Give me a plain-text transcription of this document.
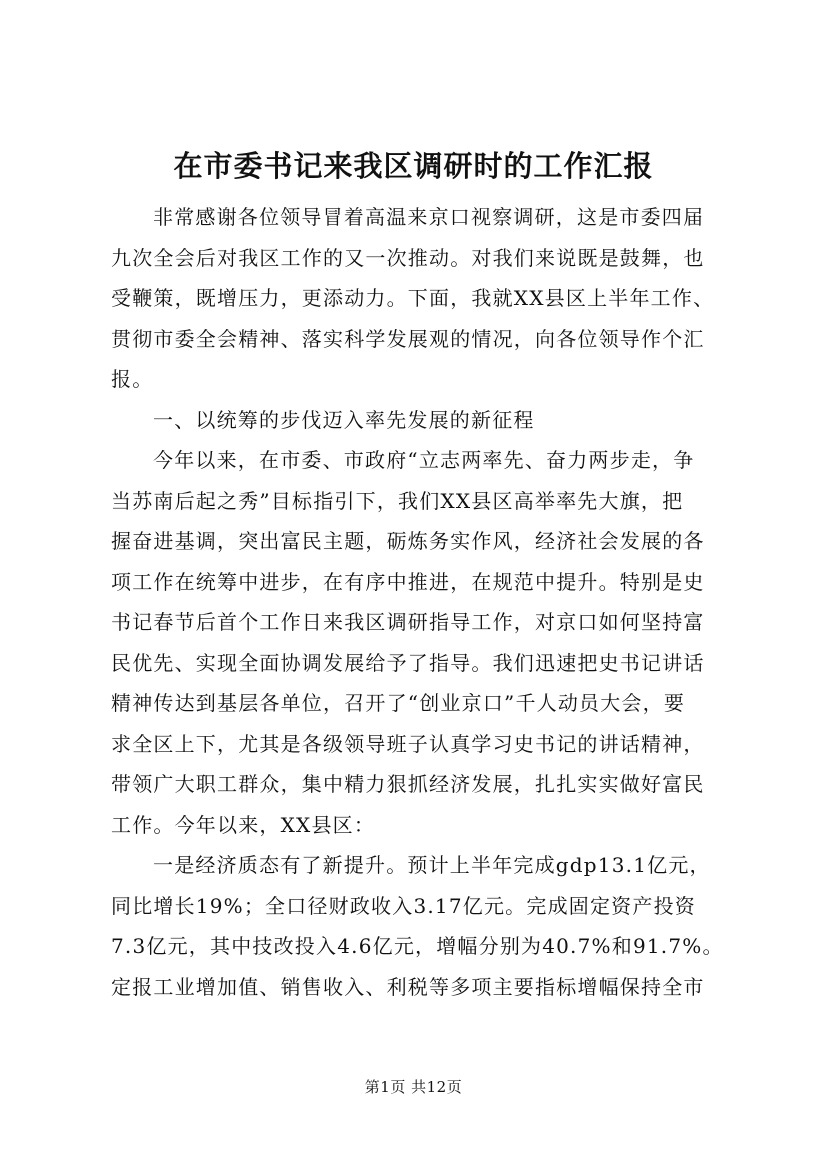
在市委书记来我区调研时的工作汇报
非常感谢各位领导冒着高温来京口视察调研，这是市委四届
九次全会后对我区工作的又一次推动。对我们来说既是鼓舞，也
受鞭策，既增压力，更添动力。下面，我就XX县区上半年工作、
贯彻市委全会精神、落实科学发展观的情况，向各位领导作个汇
报。
一、以统筹的步伐迈入率先发展的新征程
今年以来，在市委、市政府“立志两率先、奋力两步走，争
当苏南后起之秀”目标指引下，我们XX县区高举率先大旗，把
握奋进基调，突出富民主题，砺炼务实作风，经济社会发展的各
项工作在统筹中进步，在有序中推进，在规范中提升。特别是史
书记春节后首个工作日来我区调研指导工作，对京口如何坚持富
民优先、实现全面协调发展给予了指导。我们迅速把史书记讲话
精神传达到基层各单位，召开了“创业京口”千人动员大会，要
求全区上下，尤其是各级领导班子认真学习史书记的讲话精神，
带领广大职工群众，集中精力狠抓经济发展，扎扎实实做好富民
工作。今年以来，XX县区：
一是经济质态有了新提升。预计上半年完成gdp13.1亿元，
同比增长19%；全口径财政收入3.17亿元。完成固定资产投资
7.3亿元，其中技改投入4.6亿元，增幅分别为40.7%和91.7%。
定报工业增加值、销售收入、利税等多项主要指标增幅保持全市
第1页 共12页
